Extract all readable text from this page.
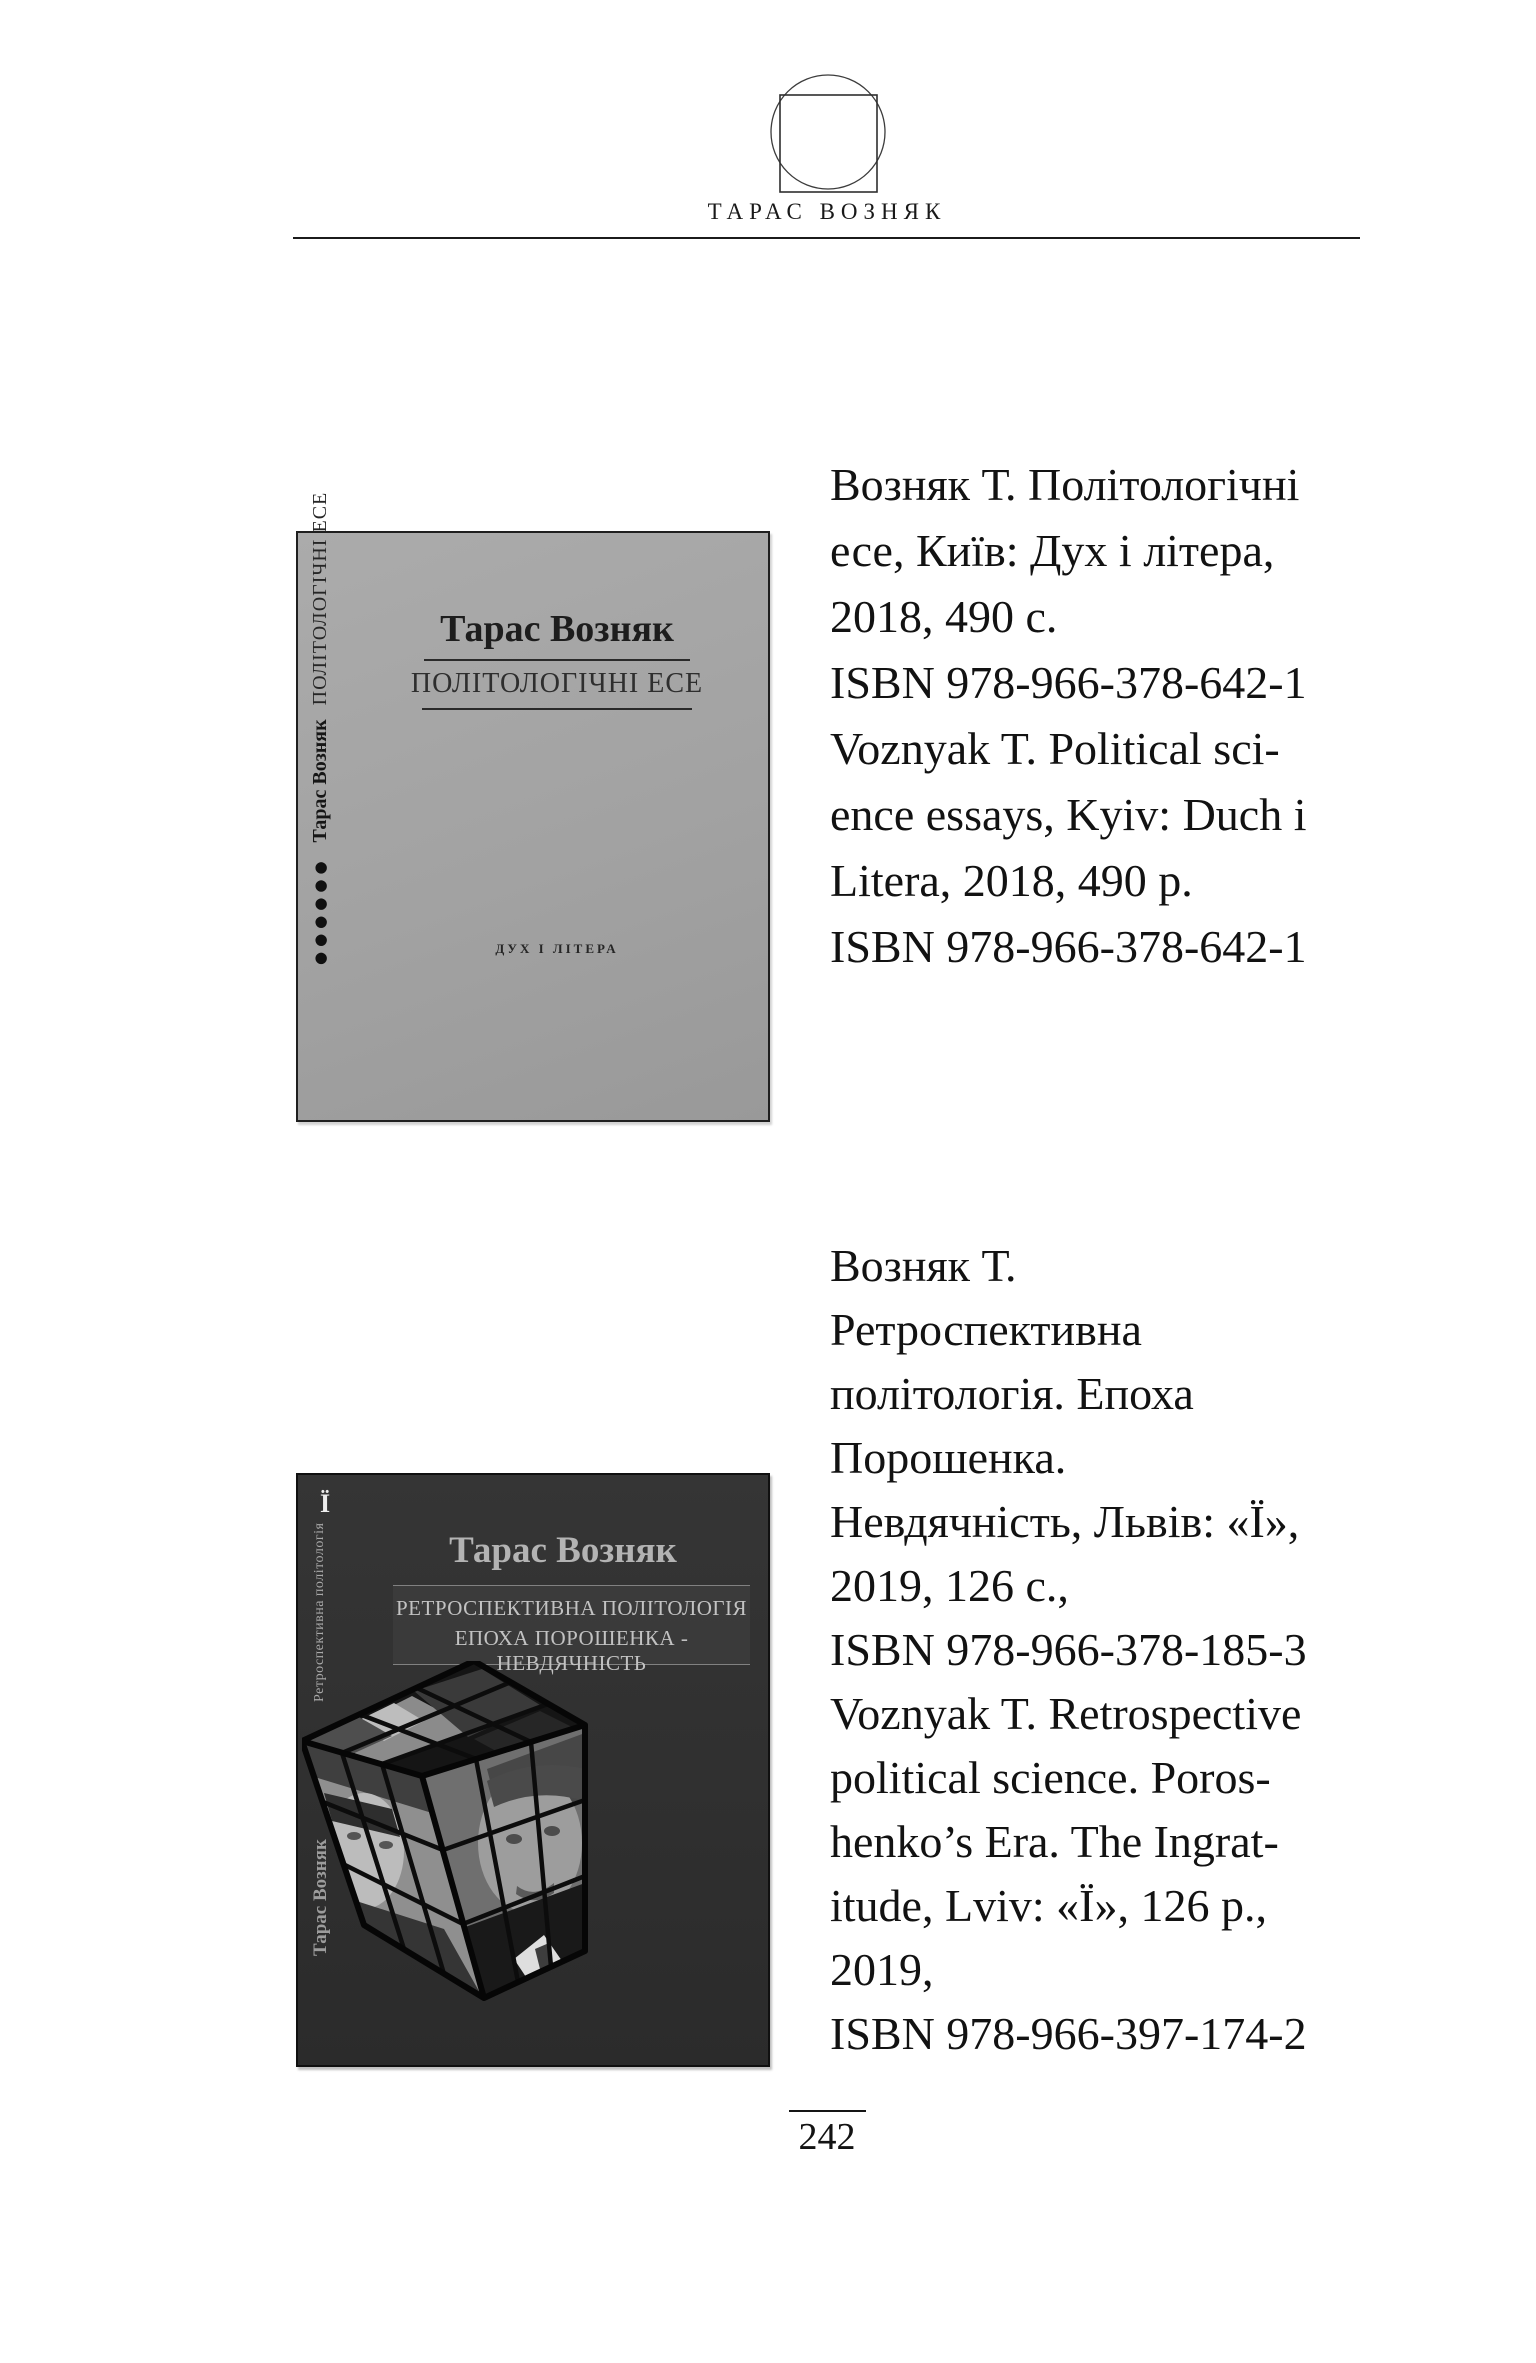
ТАРАС ВОЗНЯК
●●●●●●
Тарас Возняк
ПОЛІТОЛОГІЧНІ ЕСЕ	Тарас Возняк
ПОЛІТОЛОГІЧНІ ЕСЕ
ДУХ І ЛІТЕРА
Возняк Т. Політологічні
есе, Київ: Дух і літера,
2018, 490 с.
ISBN 978-966-378-642-1
Voznyak T. Political sci-
ence essays, Kyiv: Duch i
Litera, 2018, 490 p.
ISBN 978-966-378-642-1
Ї
Ретроспективна політологія
Тарас Возняк
Тарас Возняк
РЕТРОСПЕКТИВНА ПОЛІТОЛОГІЯ
ЕПОХА ПОРОШЕНКА - НЕВДЯЧНІСТЬ
Возняк Т.
Ретроспективна
політологія. Епоха
Порошенка.
Невдячність, Львів: «Ї»,
2019, 126 с.,
ISBN 978-966-378-185-3
Voznyak T. Retrospective
political science. Poros-
henko’s Era. The Ingrat-
itude, Lviv: «Ї», 126 p.,
2019,
ISBN 978-966-397-174-2
242
